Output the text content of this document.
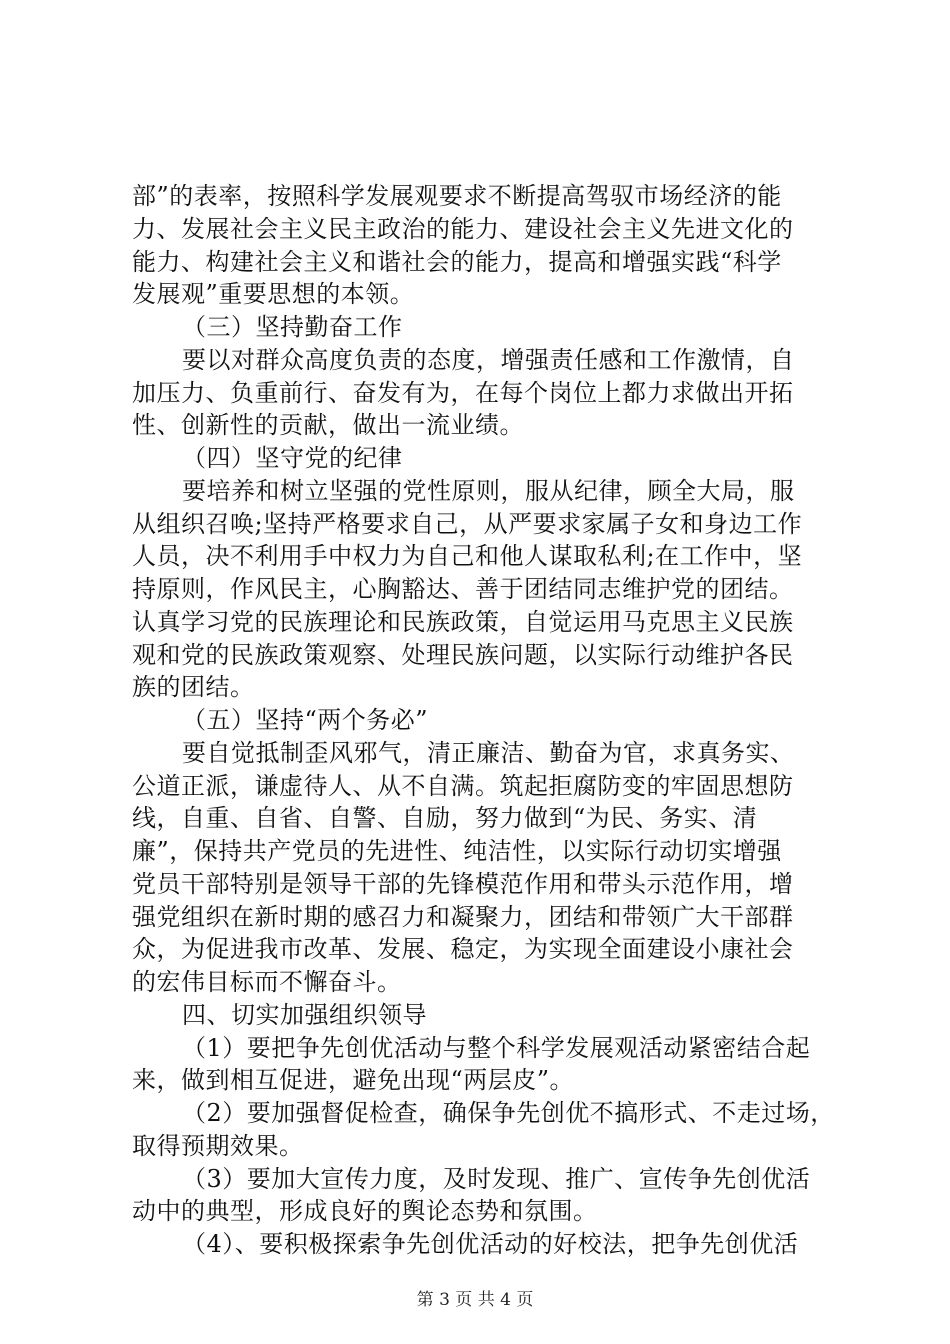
部”的表率，按照科学发展观要求不断提高驾驭市场经济的能
力、发展社会主义民主政治的能力、建设社会主义先进文化的
能力、构建社会主义和谐社会的能力，提高和增强实践“科学
发展观”重要思想的本领。
（三）坚持勤奋工作
要以对群众高度负责的态度，增强责任感和工作激情，自
加压力、负重前行、奋发有为，在每个岗位上都力求做出开拓
性、创新性的贡献，做出一流业绩。
（四）坚守党的纪律
要培养和树立坚强的党性原则，服从纪律，顾全大局，服
从组织召唤;坚持严格要求自己，从严要求家属子女和身边工作
人员，决不利用手中权力为自己和他人谋取私利;在工作中，坚
持原则，作风民主，心胸豁达、善于团结同志维护党的团结。
认真学习党的民族理论和民族政策，自觉运用马克思主义民族
观和党的民族政策观察、处理民族问题，以实际行动维护各民
族的团结。
（五）坚持“两个务必”
要自觉抵制歪风邪气，清正廉洁、勤奋为官，求真务实、
公道正派，谦虚待人、从不自满。筑起拒腐防变的牢固思想防
线，自重、自省、自警、自励，努力做到“为民、务实、清
廉”，保持共产党员的先进性、纯洁性，以实际行动切实增强
党员干部特别是领导干部的先锋模范作用和带头示范作用，增
强党组织在新时期的感召力和凝聚力，团结和带领广大干部群
众，为促进我市改革、发展、稳定，为实现全面建设小康社会
的宏伟目标而不懈奋斗。
四、切实加强组织领导
（1）要把争先创优活动与整个科学发展观活动紧密结合起
来，做到相互促进，避免出现“两层皮”。
（2）要加强督促检查，确保争先创优不搞形式、不走过场，
取得预期效果。
（3）要加大宣传力度，及时发现、推广、宣传争先创优活
动中的典型，形成良好的舆论态势和氛围。
（4）、要积极探索争先创优活动的好校法，把争先创优活
第 3 页 共 4 页
